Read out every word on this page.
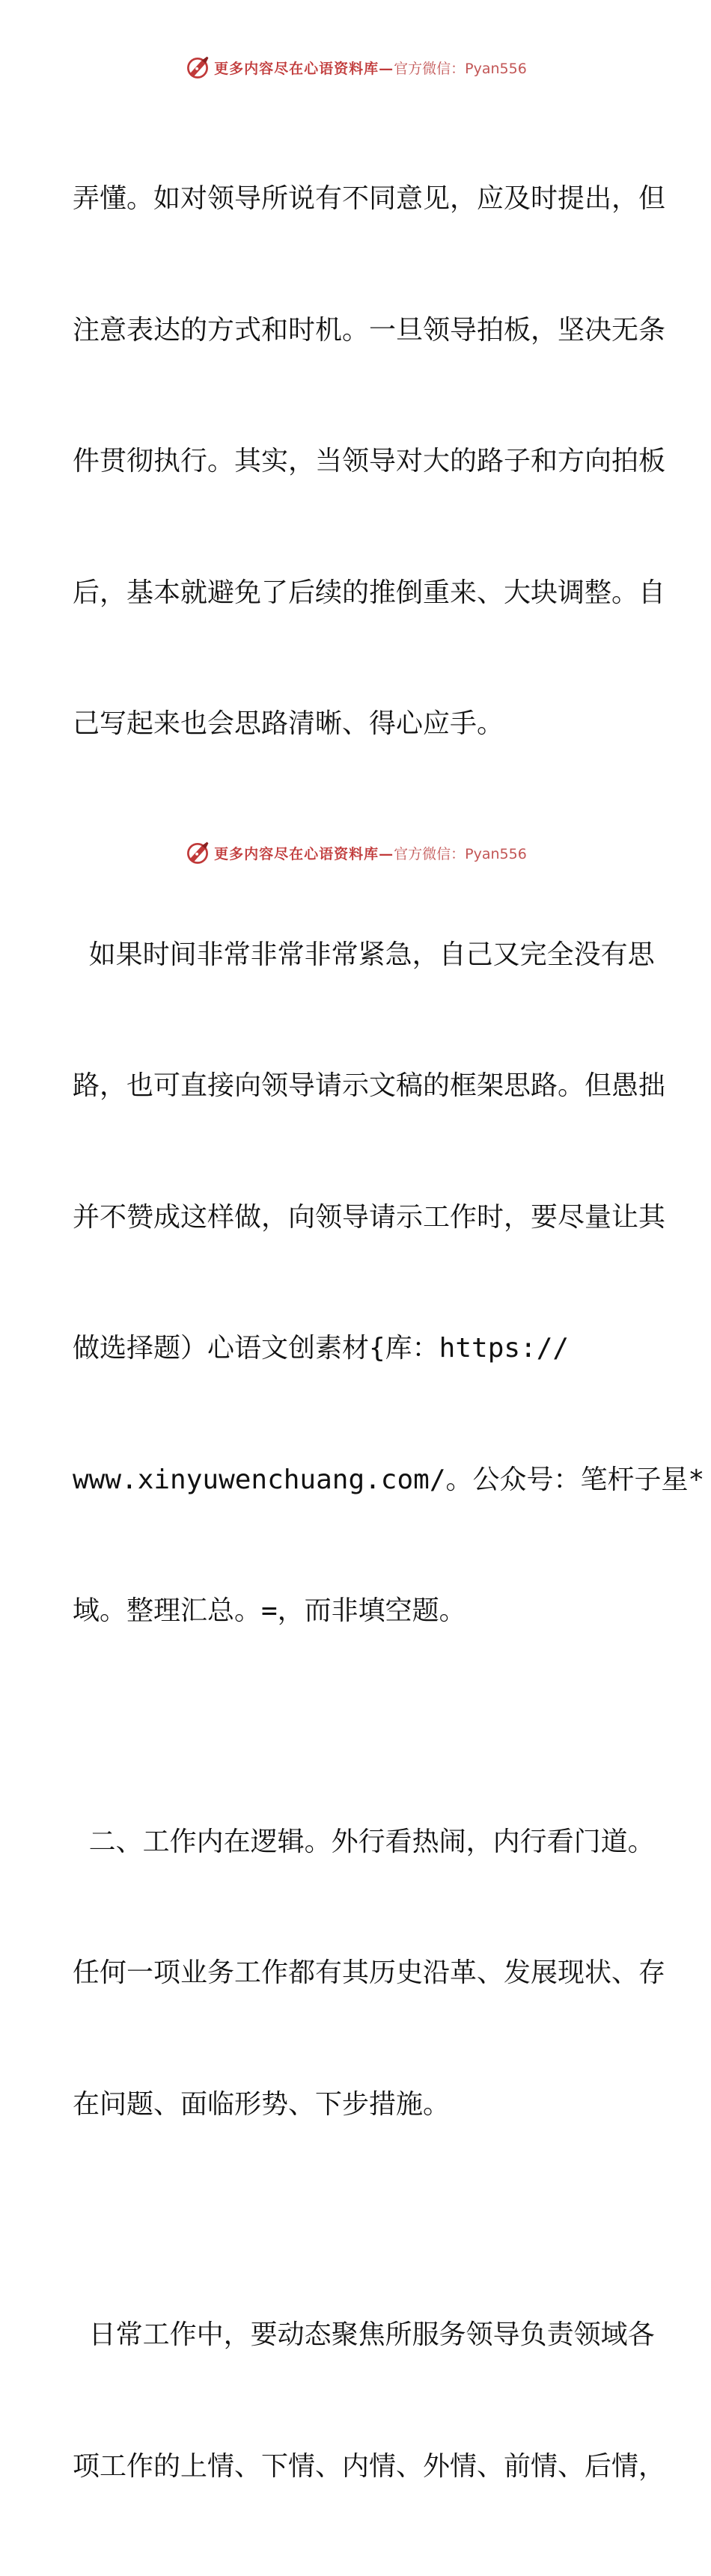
更多内容尽在心语资料库—官方微信：Pyan556

弄懂。如对领导所说有不同意见，应及时提出，但

注意表达的方式和时机。一旦领导拍板，坚决无条

件贯彻执行。其实，当领导对大的路子和方向拍板

后，基本就避免了后续的推倒重来、大块调整。自

己写起来也会思路清晰、得心应手。

如果时间非常非常非常紧急，自己又完全没有思

路，也可直接向领导请示文稿的框架思路。但愚拙

并不赞成这样做，向领导请示工作时，要尽量让其

做选择题）心语文创素材{库：https://

www.xinyuwenchuang.com/。公众号：笔杆子星*

域。整理汇总。=，而非填空题。

二、工作内在逻辑。外行看热闹，内行看门道。

任何一项业务工作都有其历史沿革、发展现状、存

在问题、面临形势、下步措施。

日常工作中，要动态聚焦所服务领导负责领域各

项工作的上情、下情、内情、外情、前情、后情，

更多内容尽在心语资料库—官方微信：Pyan556
